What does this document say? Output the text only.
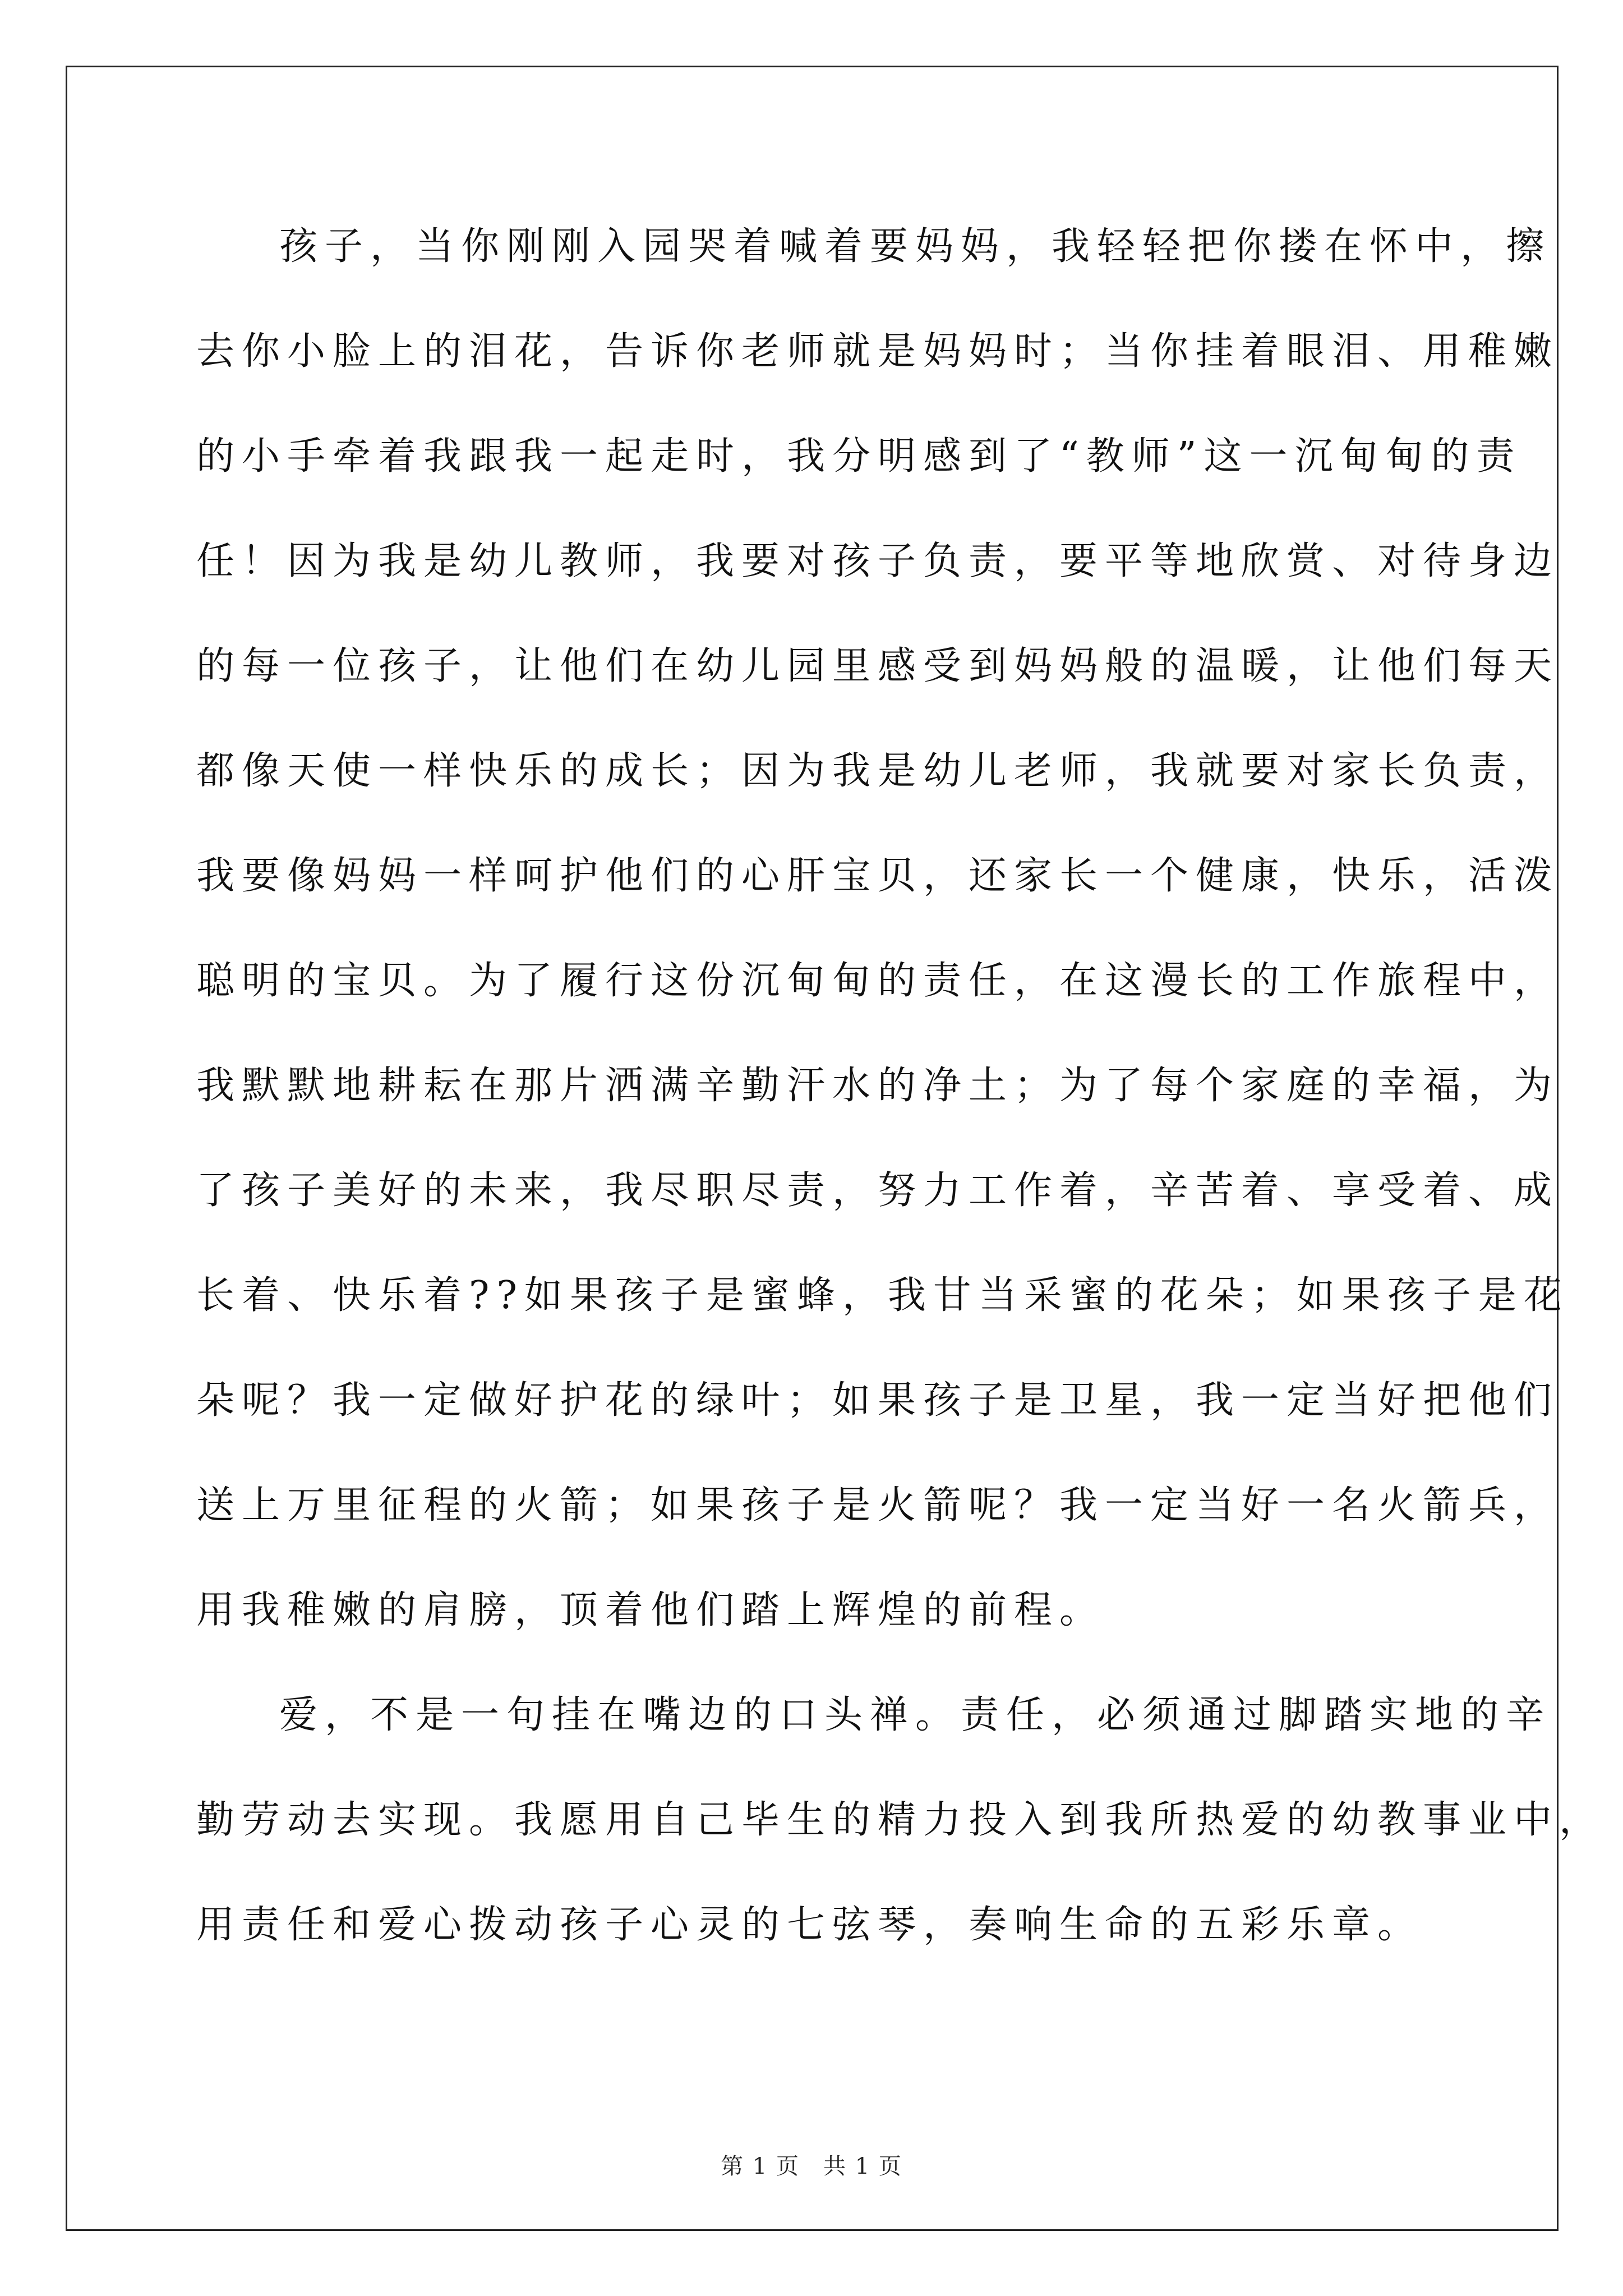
孩子，当你刚刚入园哭着喊着要妈妈，我轻轻把你搂在怀中，擦
去你小脸上的泪花，告诉你老师就是妈妈时；当你挂着眼泪、用稚嫩
的小手牵着我跟我一起走时，我分明感到了“教师”这一沉甸甸的责
任！因为我是幼儿教师，我要对孩子负责，要平等地欣赏、对待身边
的每一位孩子，让他们在幼儿园里感受到妈妈般的温暖，让他们每天
都像天使一样快乐的成长；因为我是幼儿老师，我就要对家长负责，
我要像妈妈一样呵护他们的心肝宝贝，还家长一个健康，快乐，活泼
聪明的宝贝。为了履行这份沉甸甸的责任，在这漫长的工作旅程中，
我默默地耕耘在那片洒满辛勤汗水的净土；为了每个家庭的幸福，为
了孩子美好的未来，我尽职尽责，努力工作着，辛苦着、享受着、成
长着、快乐着??如果孩子是蜜蜂，我甘当采蜜的花朵；如果孩子是花
朵呢？我一定做好护花的绿叶；如果孩子是卫星，我一定当好把他们
送上万里征程的火箭；如果孩子是火箭呢？我一定当好一名火箭兵，
用我稚嫩的肩膀，顶着他们踏上辉煌的前程。
爱，不是一句挂在嘴边的口头禅。责任，必须通过脚踏实地的辛
勤劳动去实现。我愿用自己毕生的精力投入到我所热爱的幼教事业中，
用责任和爱心拨动孩子心灵的七弦琴，奏响生命的五彩乐章。
第 1 页　共 1 页
